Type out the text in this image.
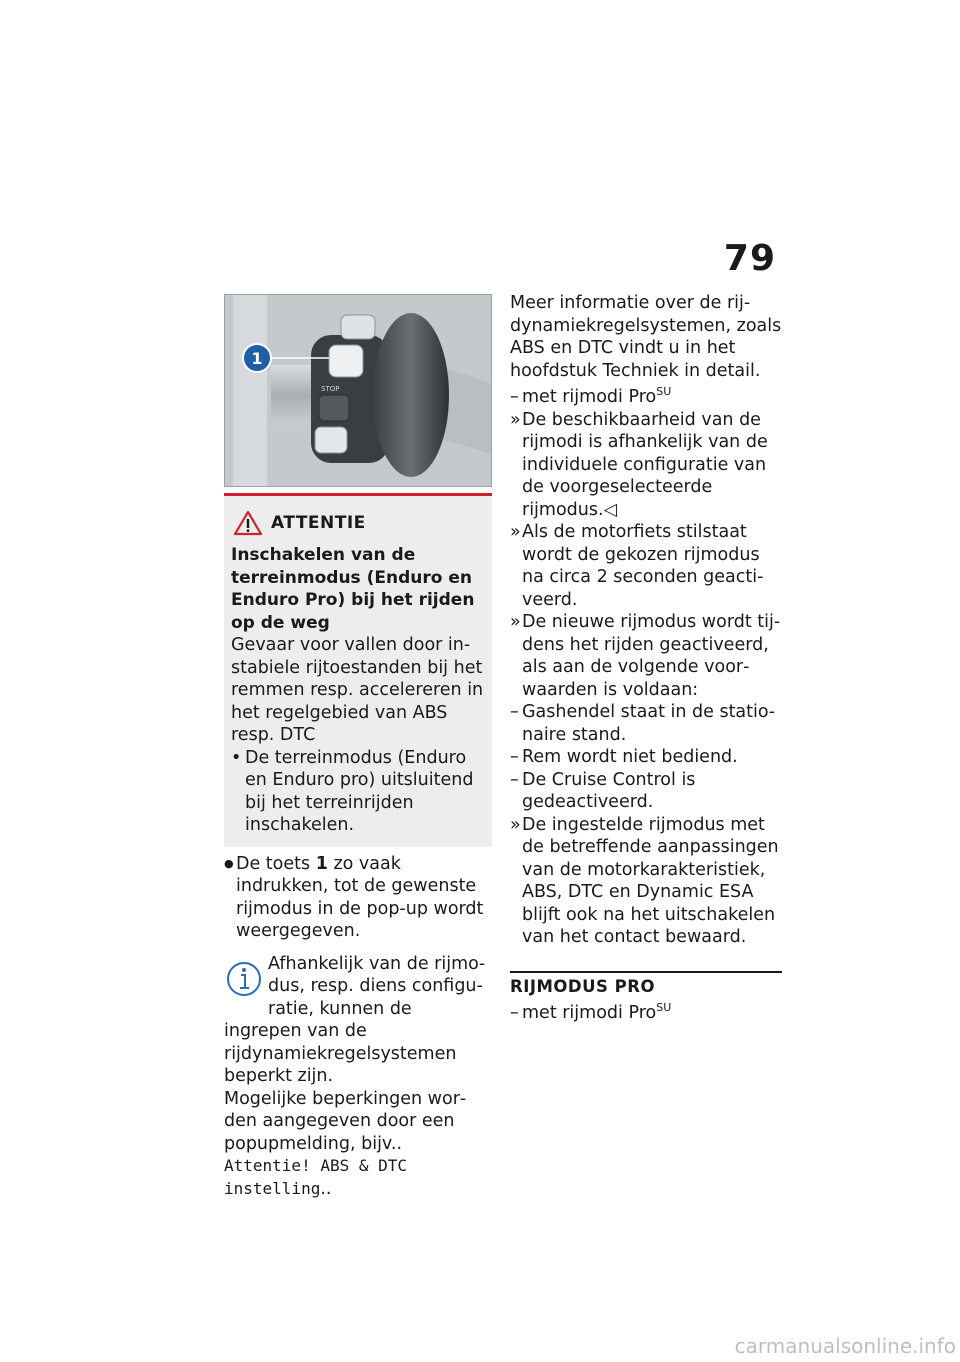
79
STOP
1
ATTENTIE
Inschakelen van de terreinmodus (Enduro en Enduro Pro) bij het rijden op de weg
Gevaar voor vallen door instabiele rijtoestanden bij het remmen resp. accelereren in het regelgebied van ABS resp. DTC
• De terreinmodus (Enduro en Enduro pro) uitsluitend bij het terreinrijden inschakelen.
● De toets 1 zo vaak indrukken, tot de gewenste rijmodus in de pop-up wordt weergegeven.
Afhankelijk van de rijmodus, resp. diens configuratie, kunnen de ingrepen van de rijdynamiekregelsystemen beperkt zijn.
Mogelijke beperkingen worden aangegeven door een popupmelding, bijv.. Attentie! ABS & DTC instelling..
Meer informatie over de rijdynamiekregelsystemen, zoals ABS en DTC vindt u in het hoofdstuk Techniek in detail.
– met rijmodi Pro$^{SU}$
» De beschikbaarheid van de rijmodi is afhankelijk van de individuele configuratie van de voorgeselecteerde rijmodus.◁
» Als de motorfiets stilstaat wordt de gekozen rijmodus na circa 2 seconden geactiveerd.
» De nieuwe rijmodus wordt tijdens het rijden geactiveerd, als aan de volgende voorwaarden is voldaan:
– Gashendel staat in de stationaire stand.
– Rem wordt niet bediend.
– De Cruise Control is gedeactiveerd.
» De ingestelde rijmodus met de betreffende aanpassingen van de motorkarakteristiek, ABS, DTC en Dynamic ESA blijft ook na het uitschakelen van het contact bewaard.
RIJMODUS PRO
– met rijmodi Pro$^{SU}$
carmanualsonline.info
